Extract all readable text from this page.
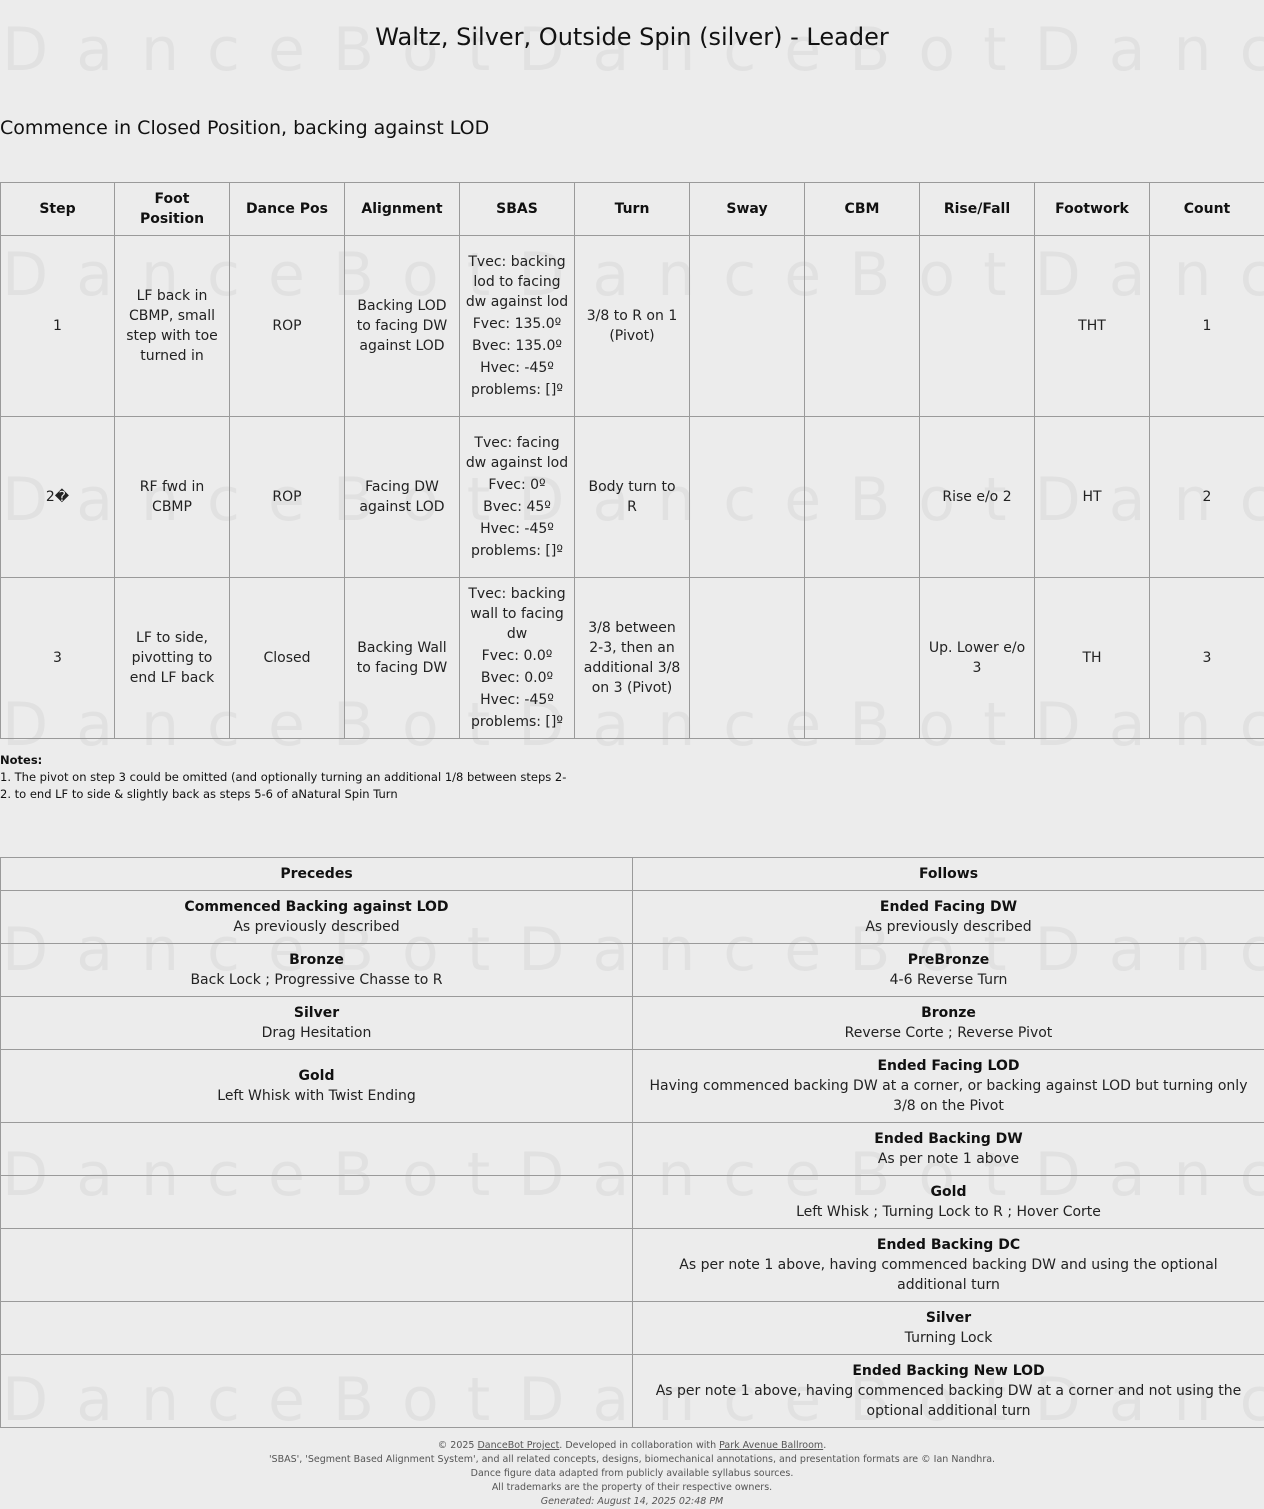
Waltz, Silver, Outside Spin (silver) - Leader
Commence in Closed Position, backing against LOD
Step	Foot Position	Dance Pos	Alignment	SBAS	Turn	Sway	CBM	Rise/Fall	Footwork	Count
1	LF back in CBMP, small step with toe turned in	ROP	Backing LOD to facing DW against LOD	Tvec: backing lod to facing dw against lod
Fvec: 135.0º
Bvec: 135.0º
Hvec: -45º
problems: []º	3/8 to R on 1 (Pivot)				THT	1
2�	RF fwd in CBMP	ROP	Facing DW against LOD	Tvec: facing dw against lod
Fvec: 0º
Bvec: 45º
Hvec: -45º
problems: []º	Body turn to R			Rise e/o 2	HT	2
3	LF to side, pivotting to end LF back	Closed	Backing Wall to facing DW	Tvec: backing wall to facing dw
Fvec: 0.0º
Bvec: 0.0º
Hvec: -45º
problems: []º	3/8 between 2-3, then an additional 3/8 on 3 (Pivot)			Up. Lower e/o 3	TH	3
Notes:
1. The pivot on step 3 could be omitted (and optionally turning an additional 1/8 between steps 2-
2. to end LF to side & slightly back as steps 5-6 of aNatural Spin Turn
Precedes	Follows

Commenced Backing against LOD
As previously described	Ended Facing DW
As previously described

Bronze
Back Lock ; Progressive Chasse to R	PreBronze
4-6 Reverse Turn

Silver
Drag Hesitation	Bronze
Reverse Corte ; Reverse Pivot

Gold
Left Whisk with Twist Ending	Ended Facing LOD
Having commenced backing DW at a corner, or backing against LOD but turning only 3/8 on the Pivot

	Ended Backing DW
As per note 1 above

	Gold
Left Whisk ; Turning Lock to R ; Hover Corte

	Ended Backing DC
As per note 1 above, having commenced backing DW and using the optional additional turn

	Silver
Turning Lock

	Ended Backing New LOD
As per note 1 above, having commenced backing DW at a corner and not using the optional additional turn
© 2025 DanceBot Project. Developed in collaboration with Park Avenue Ballroom.
'SBAS', 'Segment Based Alignment System', and all related concepts, designs, biomechanical annotations, and presentation formats are © Ian Nandhra.
Dance figure data adapted from publicly available syllabus sources.
All trademarks are the property of their respective owners.
Generated: August 14, 2025 02:48 PM
